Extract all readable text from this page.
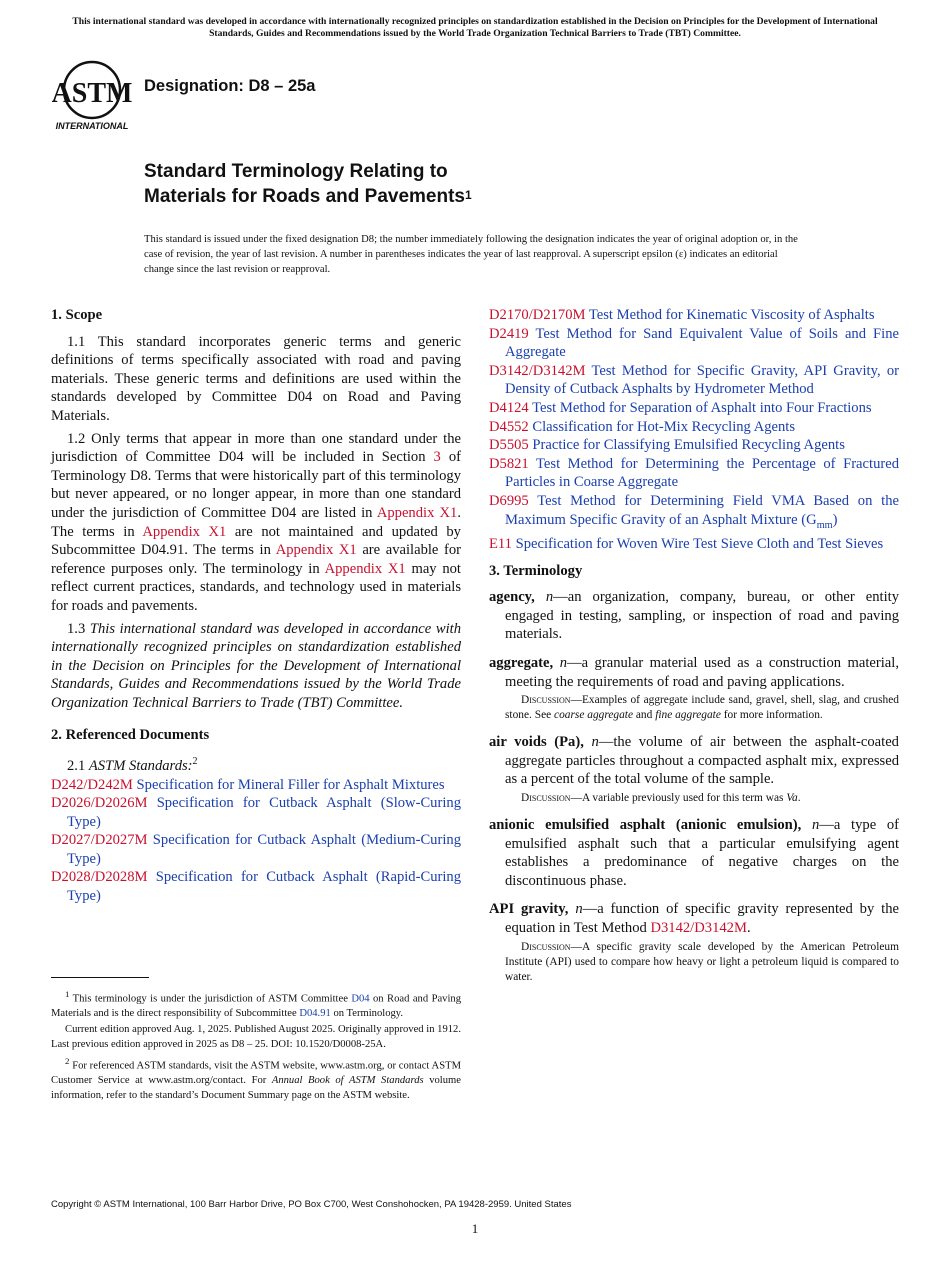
This international standard was developed in accordance with internationally recognized principles on standardization established in the Decision on Principles for the Development of International Standards, Guides and Recommendations issued by the World Trade Organization Technical Barriers to Trade (TBT) Committee.
ASTM
INTERNATIONAL
Designation: D8 – 25a
Standard Terminology Relating to
Materials for Roads and Pavements$^1$
This standard is issued under the fixed designation D8; the number immediately following the designation indicates the year of original adoption or, in the case of revision, the year of last revision. A number in parentheses indicates the year of last reapproval. A superscript epsilon (ε) indicates an editorial change since the last revision or reapproval.
1. Scope

1.1 This standard incorporates generic terms and generic definitions of terms specifically associated with road and paving materials. These generic terms and definitions are used within the standards developed by Committee D04 on Road and Paving Materials.

1.2 Only terms that appear in more than one standard under the jurisdiction of Committee D04 will be included in Section 3 of Terminology D8. Terms that were historically part of this terminology but never appeared, or no longer appear, in more than one standard under the jurisdiction of Committee D04 are listed in Appendix X1. The terms in Appendix X1 are not maintained and updated by Subcommittee D04.91. The terms in Appendix X1 are available for reference purposes only. The terminology in Appendix X1 may not reflect current practices, standards, and technology used in materials for roads and pavements.

1.3 This international standard was developed in accordance with internationally recognized principles on standardization established in the Decision on Principles for the Development of International Standards, Guides and Recommendations issued by the World Trade Organization Technical Barriers to Trade (TBT) Committee.

2. Referenced Documents

2.1 ASTM Standards:$^2$

D242/D242M Specification for Mineral Filler for Asphalt Mixtures

D2026/D2026M Specification for Cutback Asphalt (Slow-Curing Type)

D2027/D2027M Specification for Cutback Asphalt (Medium-Curing Type)

D2028/D2028M Specification for Cutback Asphalt (Rapid-Curing Type)

$^1$ This terminology is under the jurisdiction of ASTM Committee D04 on Road and Paving Materials and is the direct responsibility of Subcommittee D04.91 on Terminology.

Current edition approved Aug. 1, 2025. Published August 2025. Originally approved in 1912. Last previous edition approved in 2025 as D8 – 25. DOI: 10.1520/D0008-25A.

$^2$ For referenced ASTM standards, visit the ASTM website, www.astm.org, or contact ASTM Customer Service at www.astm.org/contact. For Annual Book of ASTM Standards volume information, refer to the standard’s Document Summary page on the ASTM website.

D2170/D2170M Test Method for Kinematic Viscosity of Asphalts

D2419 Test Method for Sand Equivalent Value of Soils and Fine Aggregate

D3142/D3142M Test Method for Specific Gravity, API Gravity, or Density of Cutback Asphalts by Hydrometer Method

D4124 Test Method for Separation of Asphalt into Four Fractions

D4552 Classification for Hot-Mix Recycling Agents

D5505 Practice for Classifying Emulsified Recycling Agents

D5821 Test Method for Determining the Percentage of Fractured Particles in Coarse Aggregate

D6995 Test Method for Determining Field VMA Based on the Maximum Specific Gravity of an Asphalt Mixture $(G_{mm})$

E11 Specification for Woven Wire Test Sieve Cloth and Test Sieves

3. Terminology

agency, n—an organization, company, bureau, or other entity engaged in testing, sampling, or inspection of road and paving materials.

aggregate, n—a granular material used as a construction material, meeting the requirements of road and paving applications.

Discussion—Examples of aggregate include sand, gravel, shell, slag, and crushed stone. See coarse aggregate and fine aggregate for more information.

air voids (Pa), n—the volume of air between the asphalt-coated aggregate particles throughout a compacted asphalt mix, expressed as a percent of the total volume of the sample.

Discussion—A variable previously used for this term was Va.

anionic emulsified asphalt (anionic emulsion), n—a type of emulsified asphalt such that a particular emulsifying agent establishes a predominance of negative charges on the discontinuous phase.

API gravity, n—a function of specific gravity represented by the equation in Test Method D3142/D3142M.

Discussion—A specific gravity scale developed by the American Petroleum Institute (API) used to compare how heavy or light a petroleum liquid is compared to water.

Copyright © ASTM International, 100 Barr Harbor Drive, PO Box C700, West Conshohocken, PA 19428-2959. United States
1
